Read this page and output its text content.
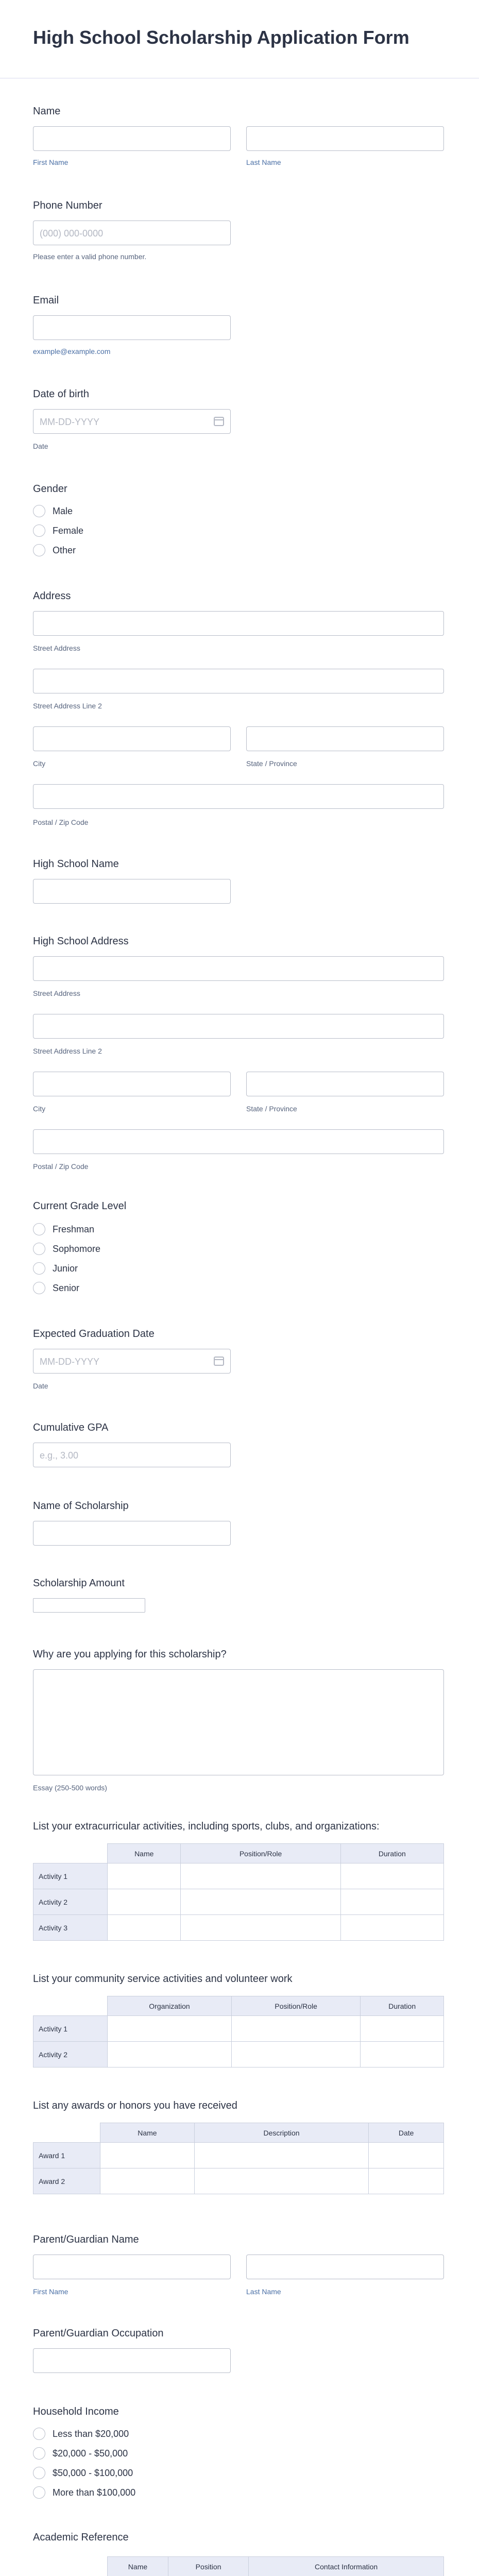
High School Scholarship Application Form
Name
First Name	Last Name
Phone Number
(000) 000-0000
Please enter a valid phone number.
Email
example@example.com
Date of birth
MM-DD-YYYY
Date
Gender
Male
Female
Other
Address
Street Address
Street Address Line 2
City	State / Province
Postal / Zip Code
High School Name
High School Address
Street Address
Street Address Line 2
City	State / Province
Postal / Zip Code
Current Grade Level
Freshman
Sophomore
Junior
Senior
Expected Graduation Date
MM-DD-YYYY
Date
Cumulative GPA
e.g., 3.00
Name of Scholarship
Scholarship Amount
Why are you applying for this scholarship?
Essay (250-500 words)
List your extracurricular activities, including sports, clubs, and organizations:
	Name	Position/Role	Duration
Activity 1			
Activity 2			
Activity 3			
List your community service activities and volunteer work
	Organization	Position/Role	Duration
Activity 1			
Activity 2			
List any awards or honors you have received
	Name	Description	Date
Award 1			
Award 2			
Parent/Guardian Name
First Name	Last Name
Parent/Guardian Occupation
Household Income
Less than $20,000
$20,000 - $50,000
$50,000 - $100,000
More than $100,000
Academic Reference
	Name	Position	Contact Information
